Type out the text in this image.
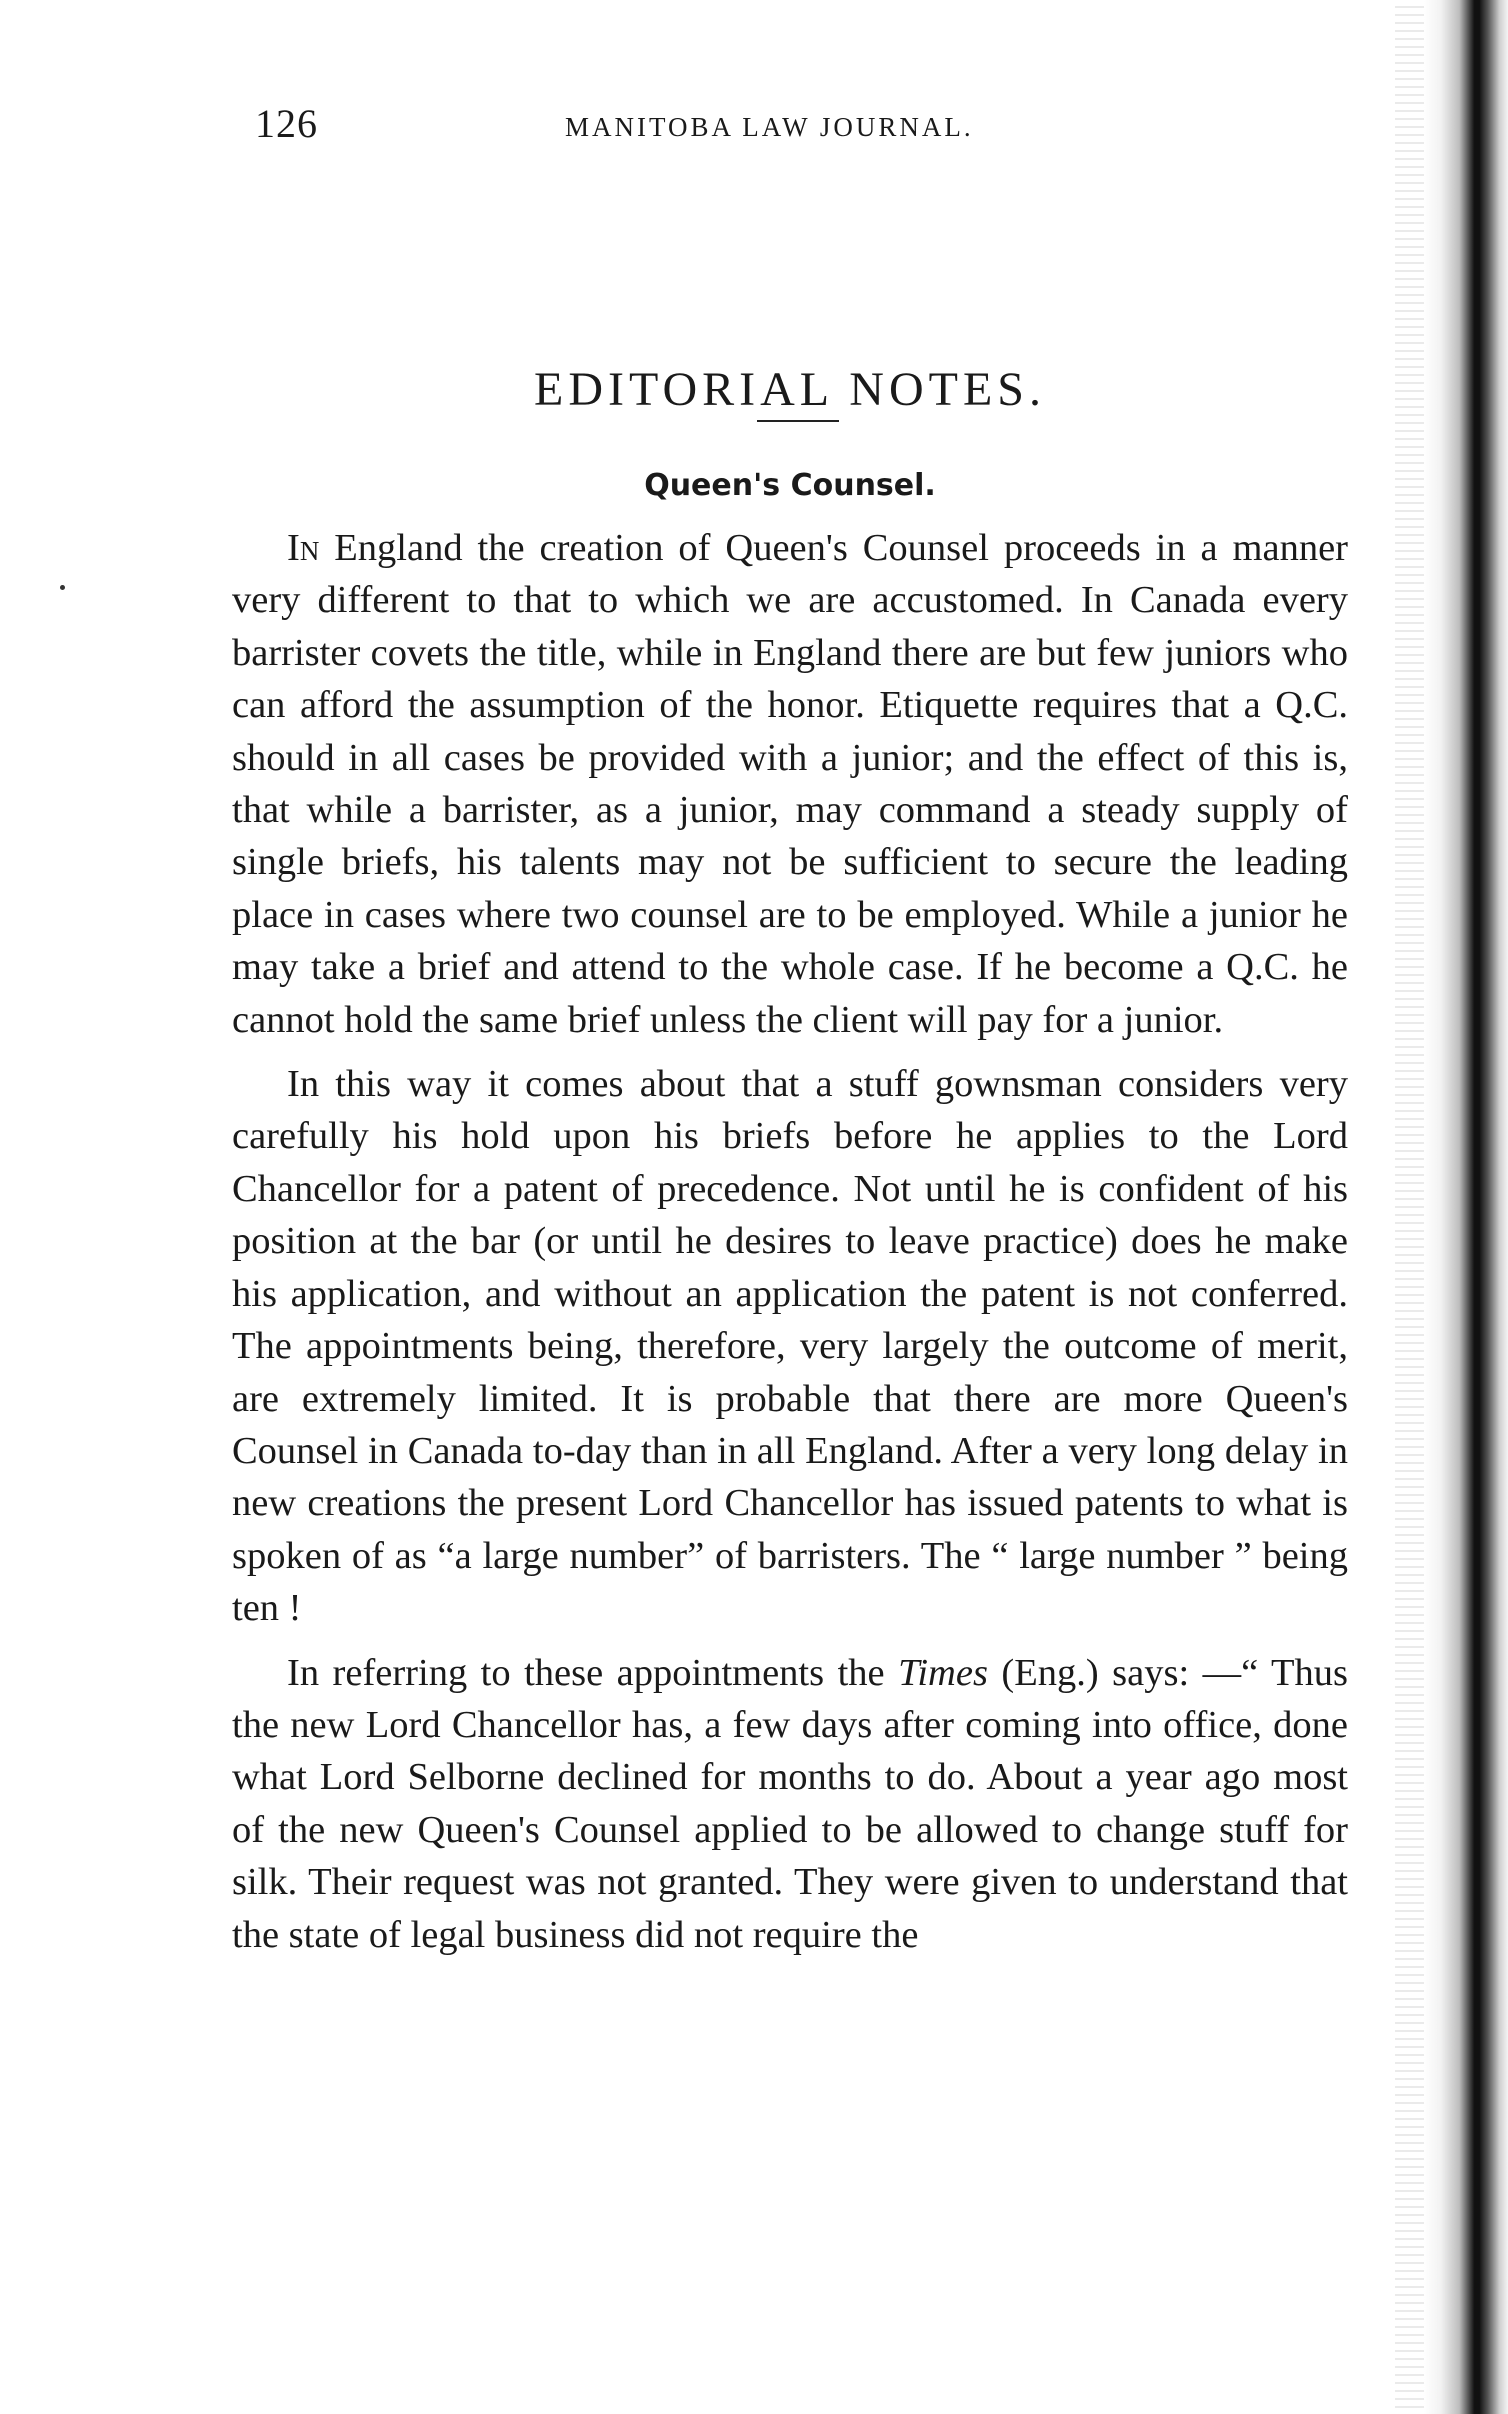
126	MANITOBA LAW JOURNAL.
EDITORIAL NOTES.
Queen's Counsel.

In England the creation of Queen's Counsel proceeds in a manner very different to that to which we are accustomed. In Canada every barrister covets the title, while in England there are but few juniors who can afford the assumption of the honor. Etiquette requires that a Q.C. should in all cases be provided with a junior; and the effect of this is, that while a barrister, as a junior, may command a steady supply of single briefs, his talents may not be sufficient to secure the leading place in cases where two counsel are to be employed. While a junior he may take a brief and attend to the whole case. If he become a Q.C. he cannot hold the same brief unless the client will pay for a junior.

In this way it comes about that a stuff gownsman considers very carefully his hold upon his briefs before he applies to the Lord Chancellor for a patent of precedence. Not until he is confident of his position at the bar (or until he desires to leave practice) does he make his application, and without an application the patent is not conferred. The appointments being, therefore, very largely the outcome of merit, are extremely limited. It is probable that there are more Queen's Counsel in Canada to-day than in all England. After a very long delay in new creations the present Lord Chancellor has issued patents to what is spoken of as “a large number” of barristers. The “ large number ” being ten !

In referring to these appointments the Times (Eng.) says: —“ Thus the new Lord Chancellor has, a few days after coming into office, done what Lord Selborne declined for months to do. About a year ago most of the new Queen's Counsel applied to be allowed to change stuff for silk. Their request was not granted. They were given to understand that the state of legal business did not require the
